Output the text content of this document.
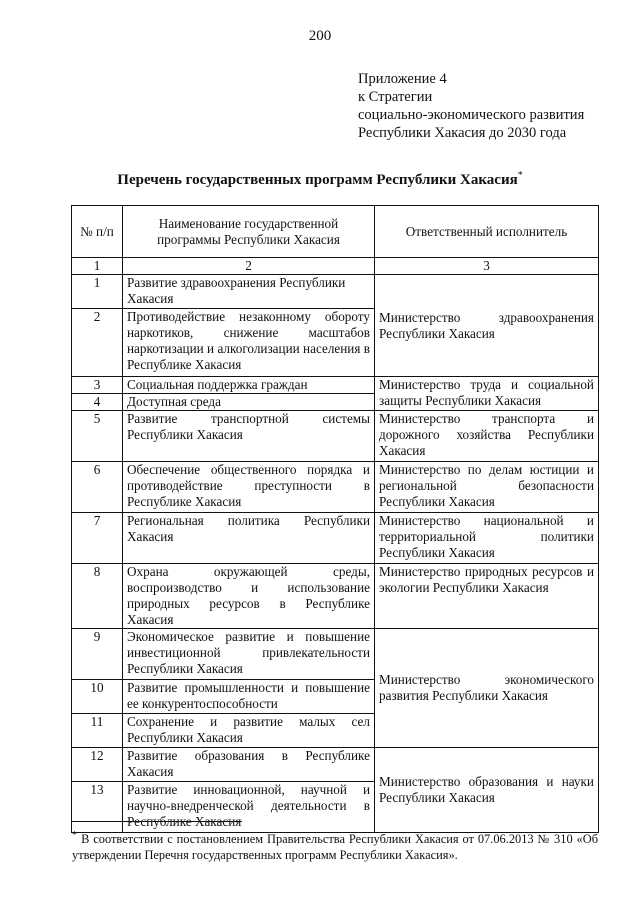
200
Приложение 4
к Стратегии
социально-экономического развития
Республики Хакасия до 2030 года
Перечень государственных программ Республики Хакасия*
№ п/п	Наименование государственной программы Республики Хакасия	Ответственный исполнитель
1	2	3
1	Развитие здравоохранения Республики Хакасия	Министерство здравоохранения Республики Хакасия
2	Противодействие незаконному обороту наркотиков, снижение масштабов наркотизации и алкоголизации населения в Республике Хакасия	
3	Социальная поддержка граждан	Министерство труда и социальной защиты Республики Хакасия
4	Доступная среда	
5	Развитие транспортной системы Республики Хакасия	Министерство транспорта и дорожного хозяйства Республики Хакасия
6	Обеспечение общественного порядка и противодействие преступности в Республике Хакасия	Министерство по делам юстиции и региональной безопасности Республики Хакасия
7	Региональная политика Республики Хакасия	Министерство национальной и территориальной политики Республики Хакасия
8	Охрана окружающей среды, воспроизводство и использование природных ресурсов в Республике Хакасия	Министерство природных ресурсов и экологии Республики Хакасия
9	Экономическое развитие и повышение инвестиционной привлекательности Республики Хакасия	Министерство экономического развития Республики Хакасия
10	Развитие промышленности и повышение ее конкурентоспособности	
11	Сохранение и развитие малых сел Республики Хакасия	
12	Развитие образования в Республике Хакасия	Министерство образования и науки Республики Хакасия
13	Развитие инновационной, научной и научно-внедренческой деятельности в Республике Хакасия	
* В соответствии с постановлением Правительства Республики Хакасия от 07.06.2013 № 310 «Об утверждении Перечня государственных программ Республики Хакасия».
